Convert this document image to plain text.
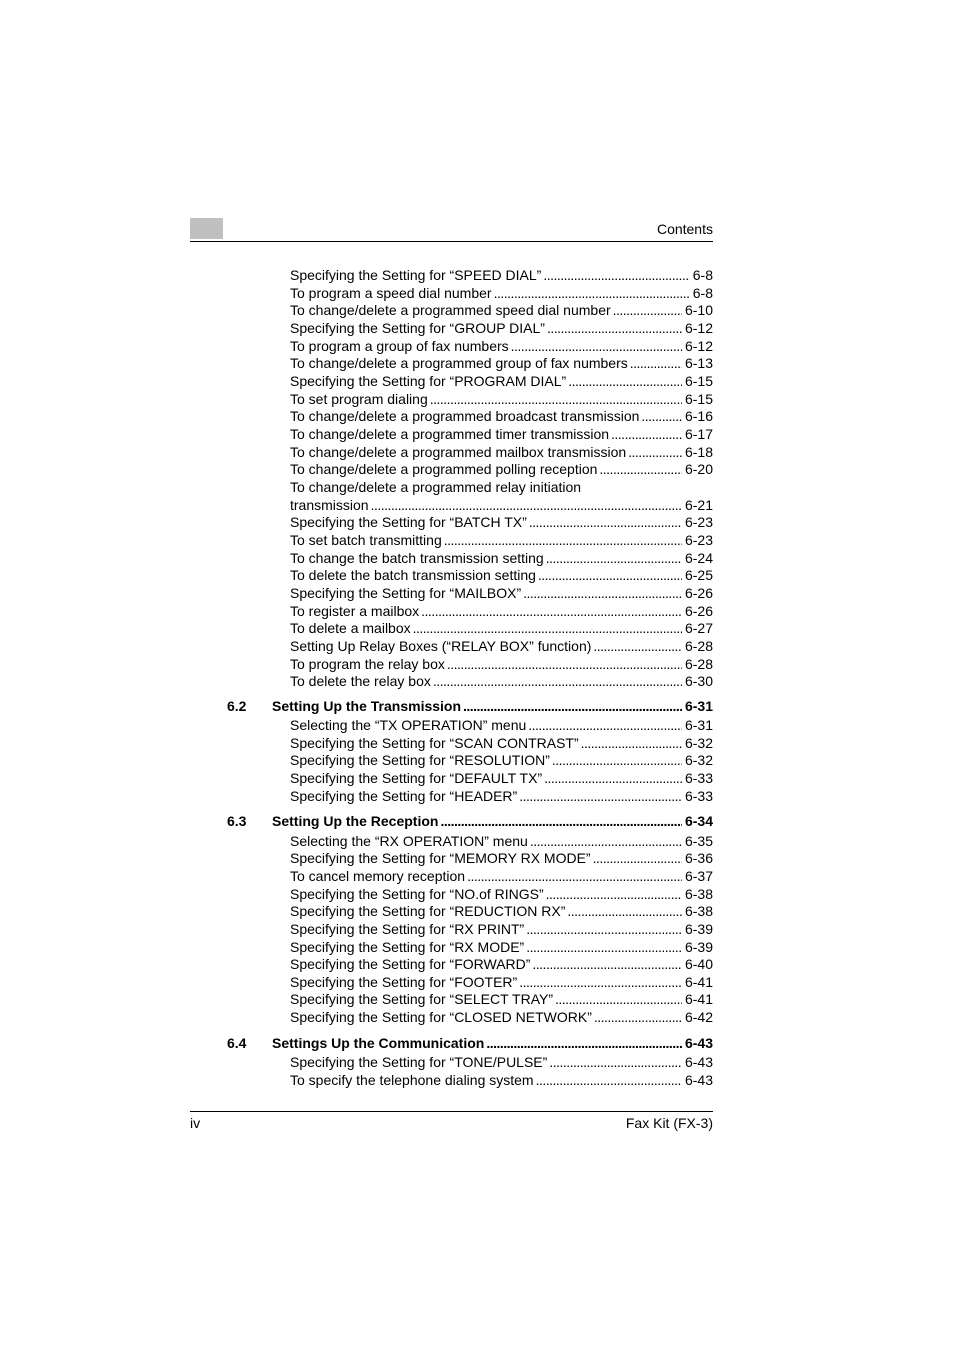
Contents
Specifying the Setting for “SPEED DIAL” . . .	6-8
To program a speed dial number . . .	6-8
To change/delete a programmed speed dial number . . .	6-10
Specifying the Setting for “GROUP DIAL” . . .	6-12
To program a group of fax numbers . . .	6-12
To change/delete a programmed group of fax numbers . . .	6-13
Specifying the Setting for “PROGRAM DIAL” . . .	6-15
To set program dialing . . .	6-15
To change/delete a programmed broadcast transmission . . .	6-16
To change/delete a programmed timer transmission . . .	6-17
To change/delete a programmed mailbox transmission . . .	6-18
To change/delete a programmed polling reception . . .	6-20
To change/delete a programmed relay initiation
transmission . . .	6-21
Specifying the Setting for “BATCH TX” . . .	6-23
To set batch transmitting . . .	6-23
To change the batch transmission setting . . .	6-24
To delete the batch transmission setting . . .	6-25
Specifying the Setting for “MAILBOX” . . .	6-26
To register a mailbox . . .	6-26
To delete a mailbox . . .	6-27
Setting Up Relay Boxes (“RELAY BOX” function) . . .	6-28
To program the relay box . . .	6-28
To delete the relay box . . .	6-30
6.2 Setting Up the Transmission . . .	6-31
Selecting the “TX OPERATION” menu . . .	6-31
Specifying the Setting for “SCAN CONTRAST” . . .	6-32
Specifying the Setting for “RESOLUTION” . . .	6-32
Specifying the Setting for “DEFAULT TX” . . .	6-33
Specifying the Setting for “HEADER” . . .	6-33
6.3 Setting Up the Reception . . .	6-34
Selecting the “RX OPERATION” menu . . .	6-35
Specifying the Setting for “MEMORY RX MODE” . . .	6-36
To cancel memory reception . . .	6-37
Specifying the Setting for “NO.of RINGS” . . .	6-38
Specifying the Setting for “REDUCTION RX” . . .	6-38
Specifying the Setting for “RX PRINT” . . .	6-39
Specifying the Setting for “RX MODE” . . .	6-39
Specifying the Setting for “FORWARD” . . .	6-40
Specifying the Setting for “FOOTER” . . .	6-41
Specifying the Setting for “SELECT TRAY” . . .	6-41
Specifying the Setting for “CLOSED NETWORK” . . .	6-42
6.4 Settings Up the Communication . . .	6-43
Specifying the Setting for “TONE/PULSE” . . .	6-43
To specify the telephone dialing system . . .	6-43
iv	Fax Kit (FX-3)
